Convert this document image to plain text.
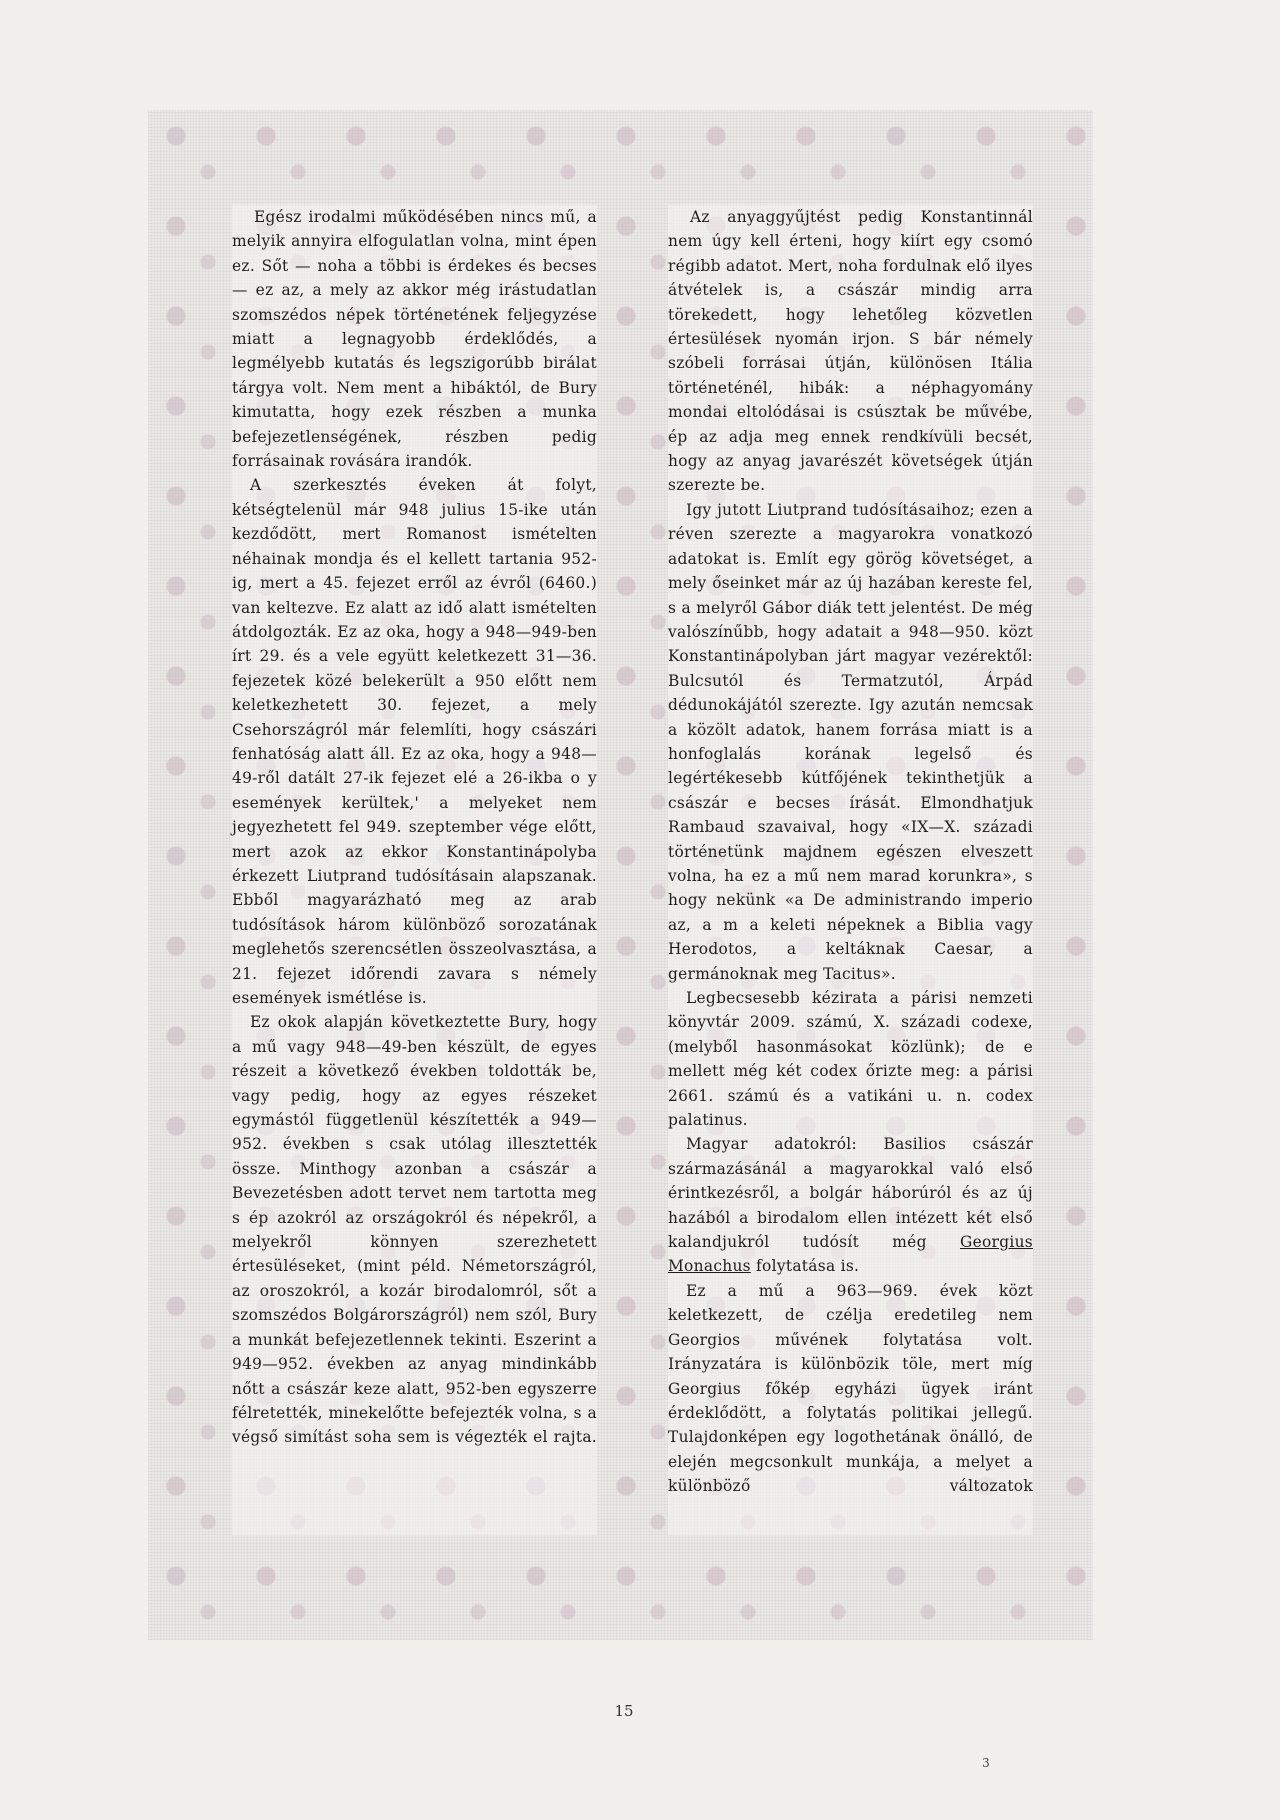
Egész irodalmi működésében nincs mű, a melyik annyira elfogulatlan volna, mint épen ez. Sőt — noha a többi is érdekes és becses — ez az, a mely az akkor még irástudatlan szomszédos népek történetének feljegyzése miatt a legnagyobb érdeklődés, a legmélyebb kutatás és legszigorúbb birálat tárgya volt. Nem ment a hibáktól, de Bury kimutatta, hogy ezek részben a munka befejezetlenségének, részben pedig forrásainak rovására irandók.

A szerkesztés éveken át folyt, kétségtelenül már 948 julius 15-ike után kezdődött, mert Romanost ismételten néhainak mondja és el kellett tartania 952-ig, mert a 45. fejezet erről az évről (6460.) van keltezve. Ez alatt az idő alatt ismételten átdolgozták. Ez az oka, hogy a 948—949-ben írt 29. és a vele együtt keletkezett 31—36. fejezetek közé belekerült a 950 előtt nem keletkezhetett 30. fejezet, a mely Csehországról már felemlíti, hogy császári fenhatóság alatt áll. Ez az oka, hogy a 948—49-ről datált 27-ik fejezet elé a 26-ikba o y események kerültek,' a melyeket nem jegyezhetett fel 949. szeptember vége előtt, mert azok az ekkor Konstantinápolyba érkezett Liutprand tudósításain alapszanak. Ebből magyarázható meg az arab tudósítások három különböző sorozatának meglehetős szerencsétlen összeolvasztása, a 21. fejezet időrendi zavara s némely események ismétlése is.

Ez okok alapján következtette Bury, hogy a mű vagy 948—49-ben készült, de egyes részeit a következő években toldották be, vagy pedig, hogy az egyes részeket egymástól függetlenül készítették a 949—952. években s csak utólag illesztették össze. Minthogy azonban a császár a Bevezetésben adott tervet nem tartotta meg s ép azokról az országokról és népekről, a melyekről könnyen szerezhetett értesüléseket, (mint péld. Németországról, az oroszokról, a kozár birodalomról, sőt a szomszédos Bolgárországról) nem szól, Bury a munkát befejezetlennek tekinti. Eszerint a 949—952. években az anyag mindinkább nőtt a császár keze alatt, 952-ben egyszerre félretették, minekelőtte befejezték volna, s a végső simítást soha sem is végezték el rajta.

Az anyaggyűjtést pedig Konstantinnál nem úgy kell érteni, hogy kiírt egy csomó régibb adatot. Mert, noha fordulnak elő ilyes átvételek is, a császár mindig arra törekedett, hogy lehetőleg közvetlen értesülések nyomán irjon. S bár némely szóbeli forrásai útján, különösen Itália történeténél, hibák: a néphagyomány mondai eltolódásai is csúsztak be művébe, ép az adja meg ennek rendkívüli becsét, hogy az anyag javarészét követségek útján szerezte be.

Igy jutott Liutprand tudósításaihoz; ezen a réven szerezte a magyarokra vonatkozó adatokat is. Említ egy görög követséget, a mely őseinket már az új hazában kereste fel, s a melyről Gábor diák tett jelentést. De még valószínűbb, hogy adatait a 948—950. közt Konstantinápolyban járt magyar vezérektől: Bulcsutól és Termatzutól, Árpád dédunokájától szerezte. Igy azután nemcsak a közölt adatok, hanem forrása miatt is a honfoglalás korának legelső és legértékesebb kútfőjének tekinthetjük a császár e becses írását. Elmondhatjuk Rambaud szavaival, hogy «IX—X. századi történetünk majdnem egészen elveszett volna, ha ez a mű nem marad korunkra», s hogy nekünk «a De administrando imperio az, a m a keleti népeknek a Biblia vagy Herodotos, a keltáknak Caesar, a germánoknak meg Tacitus».

Legbecsesebb kézirata a párisi nemzeti könyvtár 2009. számú, X. századi codexe, (melyből hasonmásokat közlünk); de e mellett még két codex őrizte meg: a párisi 2661. számú és a vatikáni u. n. codex palatinus.

Magyar adatokról: Basilios császár származásánál a magyarokkal való első érintkezésről, a bolgár háborúról és az új hazából a birodalom ellen intézett két első kalandjukról tudósít még Georgius Monachus folytatása is.

Ez a mű a 963—969. évek közt keletkezett, de czélja eredetileg nem Georgios művének folytatása volt. Irányzatára is különbözik töle, mert míg Georgius főkép egyházi ügyek iránt érdeklődött, a folytatás politikai jellegű. Tulajdonképen egy logothetának önálló, de elején megcsonkult munkája, a melyet a különböző változatok

15
3
